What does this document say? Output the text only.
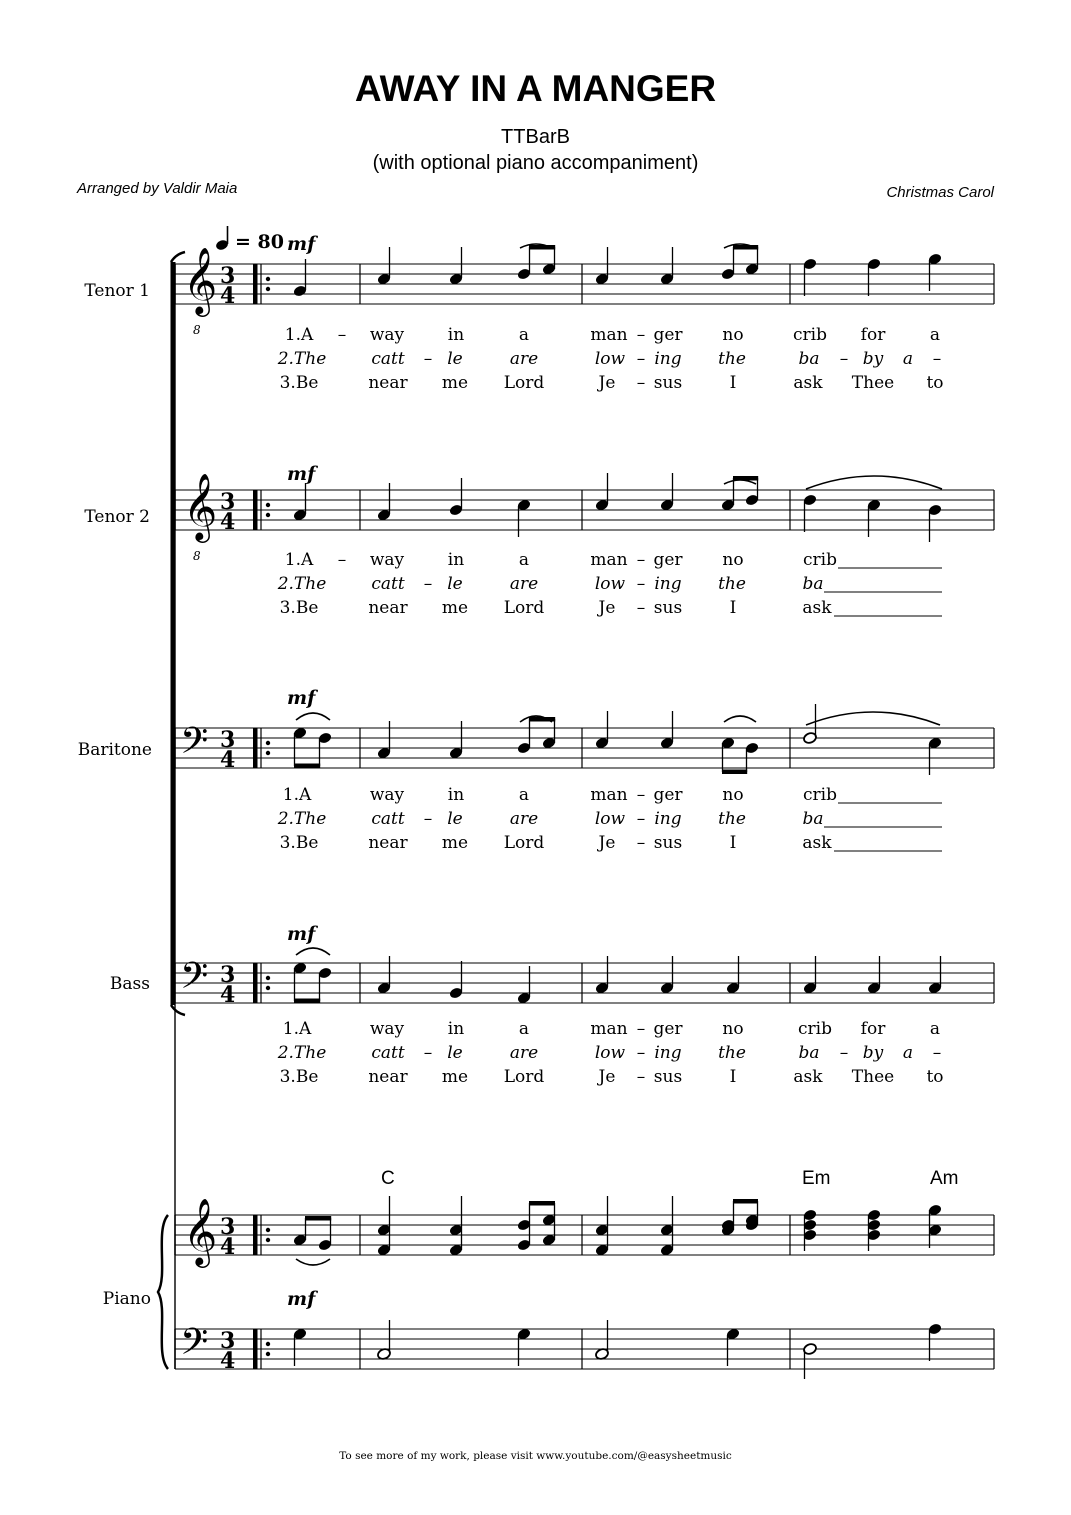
AWAY IN A MANGER
TTBarB
(with optional piano accompaniment)
Arranged by Valdir Maia	Christmas Carol
Tenor 1
Tenor 2
Baritone
Bass
Piano
= 80 mf
mf
mf
mf
mf
C	Em	Am
𝄞
8
3
4
𝄞
8
3
4
𝄢 3
4
𝄢 3
4
𝄞 3
4
𝄢 3
4
1.A – way	in	a	man – ger no	crib for	a
2.The	catt – le	are	low – ing the	ba – by a –
3.Be	near me Lord	Je – sus	I	ask Thee to
1.A	way	in	a	man – ger no	crib for	a
2.The	catt – le	are	low – ing the	ba – by a –
3.Be	near me Lord	Je – sus	I	ask Thee to
1.A – way	in	a	man – ger no	crib
2.The	catt – le	are	low – ing the	ba
3.Be	near me Lord	Je – sus	I	ask
1.A	way	in	a	man – ger no	crib
2.The	catt – le	are	low – ing the	ba
3.Be	near me Lord	Je – sus	I	ask
To see more of my work, please visit www.youtube.com/@easysheetmusic
